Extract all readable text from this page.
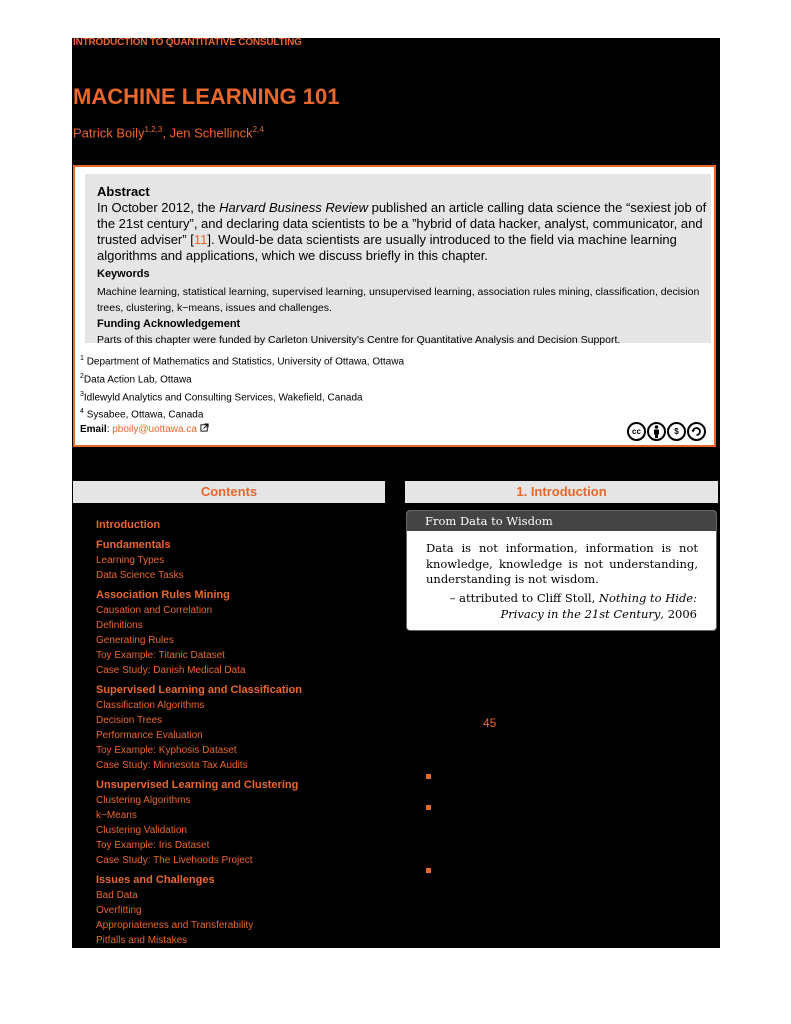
INTRODUCTION TO QUANTITATIVE CONSULTING
MACHINE LEARNING 101
Patrick Boily$^{1,2,3}$, Jen Schellinck$^{2,4}$
Abstract
In October 2012, the Harvard Business Review published an article calling data science the “sexiest job of the 21st century”, and declaring data scientists to be a ”hybrid of data hacker, analyst, communicator, and trusted adviser” [11]. Would-be data scientists are usually introduced to the field via machine learning algorithms and applications, which we discuss briefly in this chapter.
Keywords
Machine learning, statistical learning, supervised learning, unsupervised learning, association rules mining, classification, decision trees, clustering, k−means, issues and challenges.
Funding Acknowledgement
Parts of this chapter were funded by Carleton University’s Centre for Quantitative Analysis and Decision Support.
$^1$ Department of Mathematics and Statistics, University of Ottawa, Ottawa
$^2$Data Action Lab, Ottawa
$^3$Idlewyld Analytics and Consulting Services, Wakefield, Canada
$^4$ Sysabee, Ottawa, Canada
Email: pboily@uottawa.ca	cc	$
Contents	1. Introduction
Introduction
Fundamentals
Learning Types
Data Science Tasks
Association Rules Mining
Causation and Correlation
Definitions
Generating Rules
Toy Example: Titanic Dataset
Case Study: Danish Medical Data
Supervised Learning and Classification
Classification Algorithms
Decision Trees
Performance Evaluation
Toy Example: Kyphosis Dataset
Case Study: Minnesota Tax Audits
Unsupervised Learning and Clustering
Clustering Algorithms
k−Means
Clustering Validation
Toy Example: Iris Dataset
Case Study: The Livehoods Project
Issues and Challenges
Bad Data
Overfitting
Appropriateness and Transferability
Pitfalls and Mistakes
From Data to Wisdom
Data is not information, information is not knowledge, knowledge is not understanding, understanding is not wisdom.
– attributed to Cliff Stoll, Nothing to Hide: Privacy in the 21st Century, 2006
45
